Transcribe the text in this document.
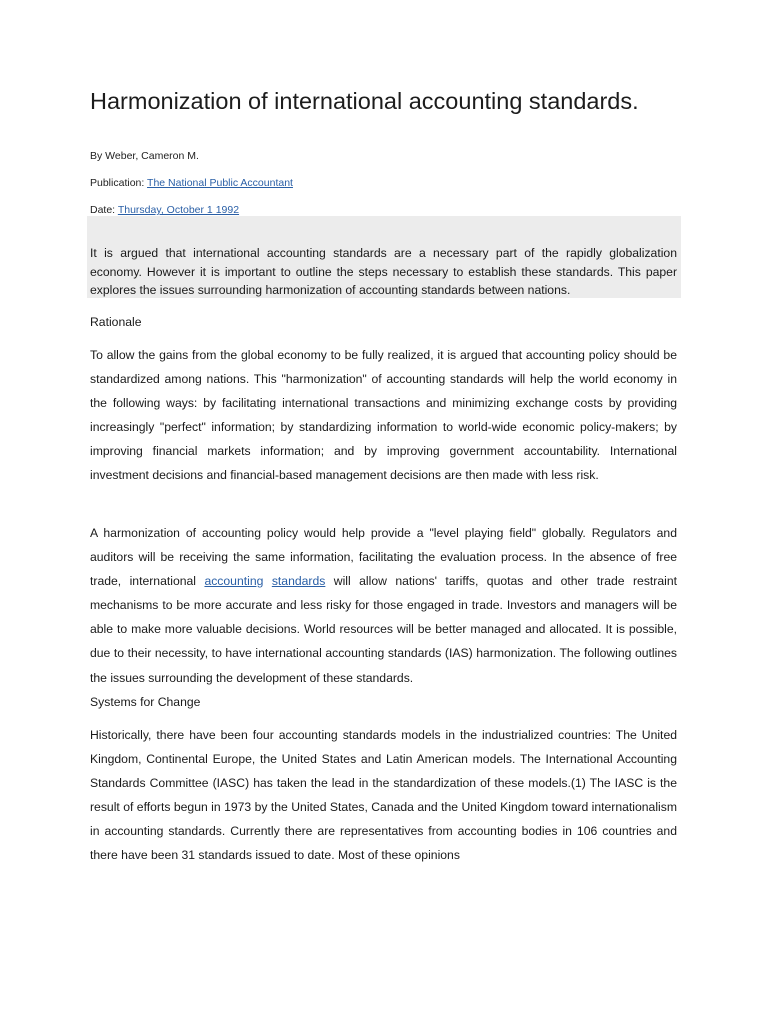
Harmonization of international accounting standards.

By Weber, Cameron M.

Publication: The National Public Accountant

Date: Thursday, October 1 1992

It is argued that international accounting standards are a necessary part of the rapidly globalization economy. However it is important to outline the steps necessary to establish these standards. This paper explores the issues surrounding harmonization of accounting standards between nations.

Rationale

To allow the gains from the global economy to be fully realized, it is argued that accounting policy should be standardized among nations. This "harmonization" of accounting standards will help the world economy in the following ways: by facilitating international transactions and minimizing exchange costs by providing increasingly "perfect" information; by standardizing information to world-wide economic policy-makers; by improving financial markets information; and by improving government accountability. International investment decisions and financial-based management decisions are then made with less risk.

A harmonization of accounting policy would help provide a "level playing field" globally. Regulators and auditors will be receiving the same information, facilitating the evaluation process. In the absence of free trade, international accounting standards will allow nations' tariffs, quotas and other trade restraint mechanisms to be more accurate and less risky for those engaged in trade. Investors and managers will be able to make more valuable decisions. World resources will be better managed and allocated. It is possible, due to their necessity, to have international accounting standards (IAS) harmonization. The following outlines the issues surrounding the development of these standards.

Systems for Change

Historically, there have been four accounting standards models in the industrialized countries: The United Kingdom, Continental Europe, the United States and Latin American models. The International Accounting Standards Committee (IASC) has taken the lead in the standardization of these models.(1) The IASC is the result of efforts begun in 1973 by the United States, Canada and the United Kingdom toward internationalism in accounting standards. Currently there are representatives from accounting bodies in 106 countries and there have been 31 standards issued to date. Most of these opinions
